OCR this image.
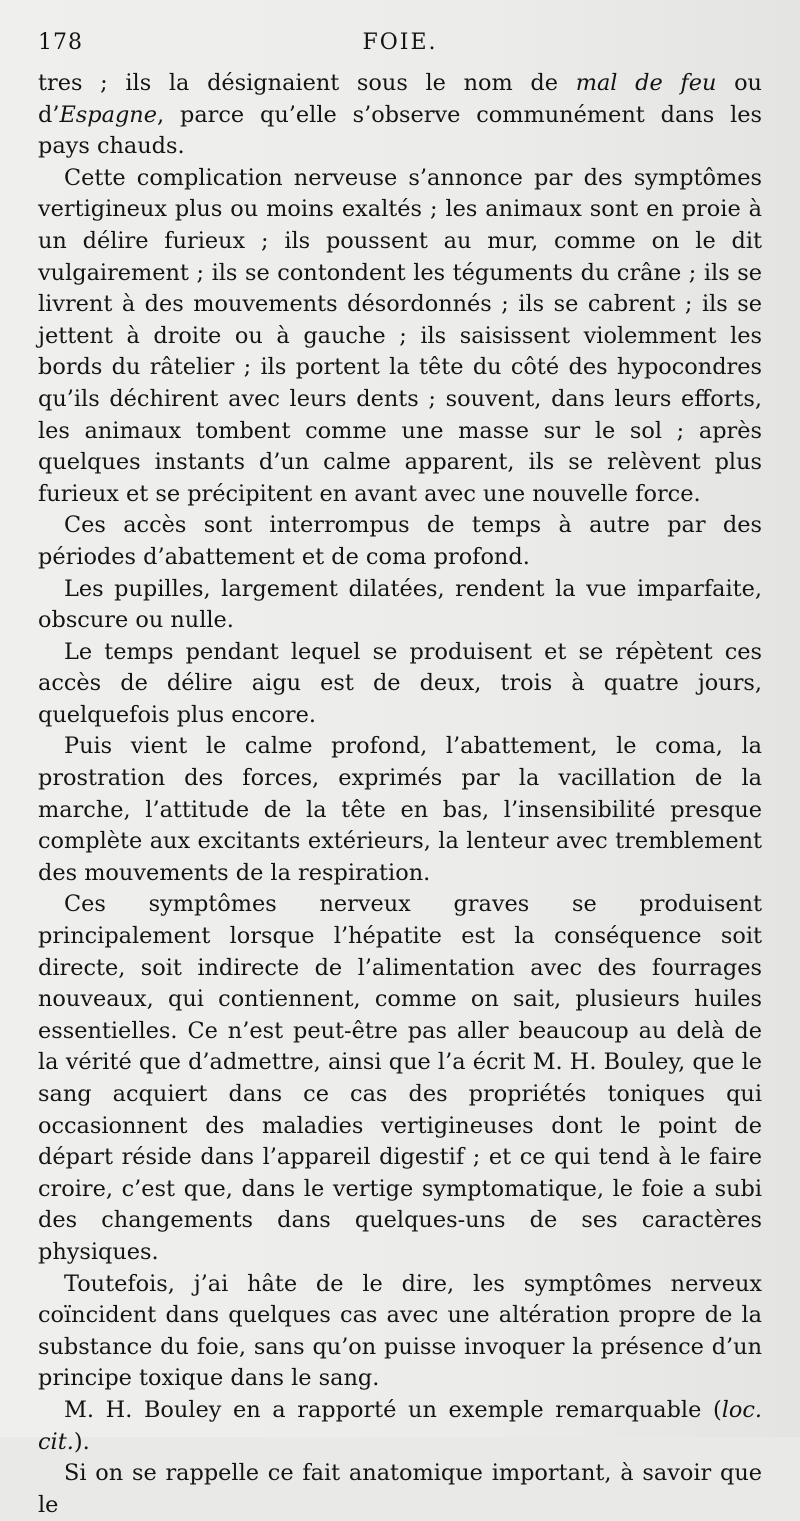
178	FOIE.

tres ; ils la désignaient sous le nom de mal de feu ou d’Espagne, parce qu’elle s’observe communément dans les pays chauds.

Cette complication nerveuse s’annonce par des symptômes vertigineux plus ou moins exaltés ; les animaux sont en proie à un délire furieux ; ils poussent au mur, comme on le dit vulgairement ; ils se contondent les téguments du crâne ; ils se livrent à des mouvements désordonnés ; ils se cabrent ; ils se jettent à droite ou à gauche ; ils saisissent violemment les bords du râtelier ; ils portent la tête du côté des hypocondres qu’ils déchirent avec leurs dents ; souvent, dans leurs efforts, les animaux tombent comme une masse sur le sol ; après quelques instants d’un calme apparent, ils se relèvent plus furieux et se précipitent en avant avec une nouvelle force.

Ces accès sont interrompus de temps à autre par des périodes d’abattement et de coma profond.

Les pupilles, largement dilatées, rendent la vue imparfaite, obscure ou nulle.

Le temps pendant lequel se produisent et se répètent ces accès de délire aigu est de deux, trois à quatre jours, quelquefois plus encore.

Puis vient le calme profond, l’abattement, le coma, la prostration des forces, exprimés par la vacillation de la marche, l’attitude de la tête en bas, l’insensibilité presque complète aux excitants extérieurs, la lenteur avec tremblement des mouvements de la respiration.

Ces symptômes nerveux graves se produisent principalement lorsque l’hépatite est la conséquence soit directe, soit indirecte de l’alimentation avec des fourrages nouveaux, qui contiennent, comme on sait, plusieurs huiles essentielles. Ce n’est peut-être pas aller beaucoup au delà de la vérité que d’admettre, ainsi que l’a écrit M. H. Bouley, que le sang acquiert dans ce cas des propriétés toniques qui occasionnent des maladies vertigineuses dont le point de départ réside dans l’appareil digestif ; et ce qui tend à le faire croire, c’est que, dans le vertige symptomatique, le foie a subi des changements dans quelques-uns de ses caractères physiques.

Toutefois, j’ai hâte de le dire, les symptômes nerveux coïncident dans quelques cas avec une altération propre de la substance du foie, sans qu’on puisse invoquer la présence d’un principe toxique dans le sang.

M. H. Bouley en a rapporté un exemple remarquable (loc. cit.).

Si on se rappelle ce fait anatomique important, à savoir que le
